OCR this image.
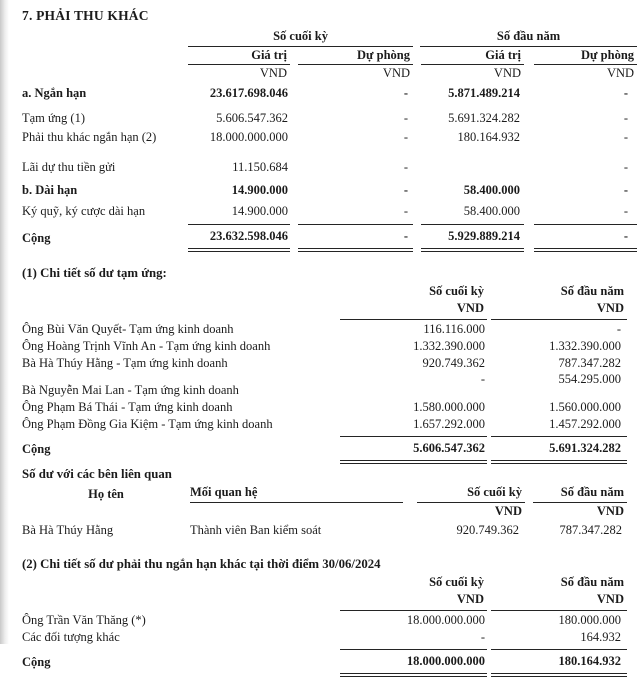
7. PHẢI THU KHÁC

	Số cuối kỳ		Số đầu năm	

	Giá trị	Dự phòng	Giá trị	Dự phòng

	VND	VND	VND	VND
a. Ngắn hạn	23.617.698.046	-	5.871.489.214	-
Tạm ứng (1)	5.606.547.362	-	5.691.324.282	-
Phải thu khác ngắn hạn (2)	18.000.000.000	-	180.164.932	-
Lãi dự thu tiền gửi	11.150.684	-		-
b. Dài hạn	14.900.000	-	58.400.000	-
Ký quỹ, ký cược dài hạn	14.900.000	-	58.400.000	-
Cộng	23.632.598.046	-	5.929.889.214	-
(1) Chi tiết số dư tạm ứng:
	Số cuối kỳ	Số đầu năm

	VND	VND

Ông Bùi Văn Quyết- Tạm ứng kinh doanh	116.116.000	-
Ông Hoàng Trịnh Vĩnh An - Tạm ứng kinh doanh	1.332.390.000	1.332.390.000
Bà Hà Thúy Hằng - Tạm ứng kinh doanh	920.749.362	787.347.282
Bà Nguyễn Mai Lan - Tạm ứng kinh doanh	-	554.295.000
Ông Phạm Bá Thái - Tạm ứng kinh doanh	1.580.000.000	1.560.000.000
Ông Phạm Đồng Gia Kiệm - Tạm ứng kinh doanh	1.657.292.000	1.457.292.000
Cộng	5.606.547.362	5.691.324.282
Số dư với các bên liên quan
Họ tên	Mối quan hệ	Số cuối kỳ	Số đầu năm

		VND	VND
Bà Hà Thúy Hằng	Thành viên Ban kiểm soát	920.749.362	787.347.282
(2) Chi tiết số dư phải thu ngắn hạn khác tại thời điểm 30/06/2024
	Số cuối kỳ	Số đầu năm

	VND	VND

Ông Trần Văn Thăng (*)	18.000.000.000	180.000.000
Các đối tượng khác	-	164.932
Cộng	18.000.000.000	180.164.932
